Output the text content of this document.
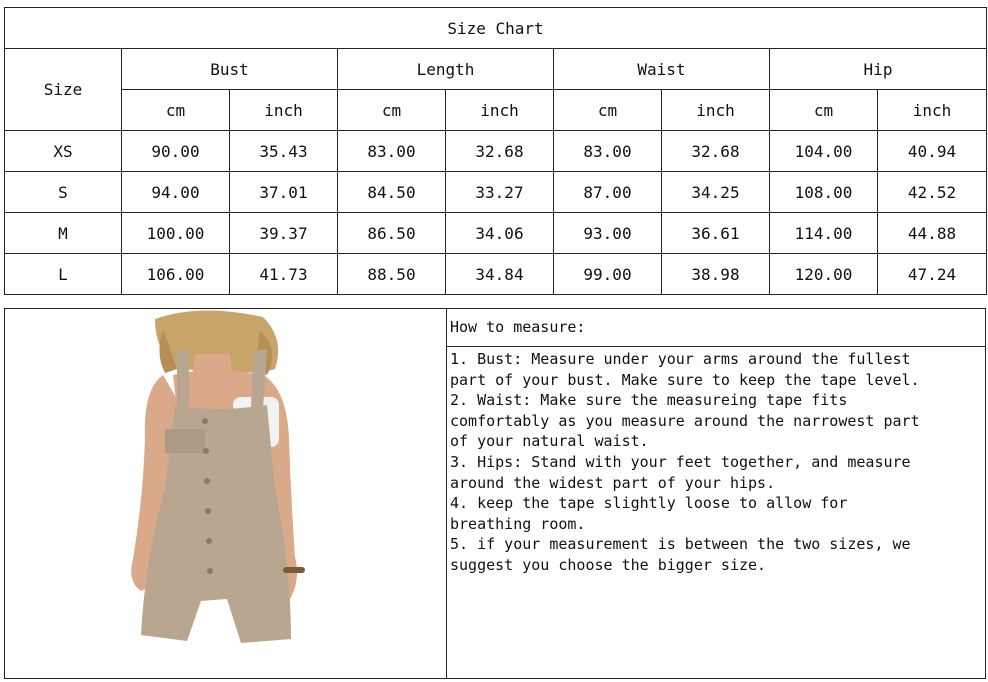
Size Chart								
Size	Bust		Length		Waist		Hip	
	cm	inch	cm	inch	cm	inch	cm	inch
XS	90.00	35.43	83.00	32.68	83.00	32.68	104.00	40.94
S	94.00	37.01	84.50	33.27	87.00	34.25	108.00	42.52
M	100.00	39.37	86.50	34.06	93.00	36.61	114.00	44.88
L	106.00	41.73	88.50	34.84	99.00	38.98	120.00	47.24
How to measure:
1. Bust: Measure under your arms around the fullest
part of your bust. Make sure to keep the tape level.
2. Waist: Make sure the measureing tape fits
comfortably as you measure around the narrowest part
of your natural waist.
3. Hips: Stand with your feet together, and measure
around the widest part of your hips.
4. keep the tape slightly loose to allow for
breathing room.
5. if your measurement is between the two sizes, we
suggest you choose the bigger size.
